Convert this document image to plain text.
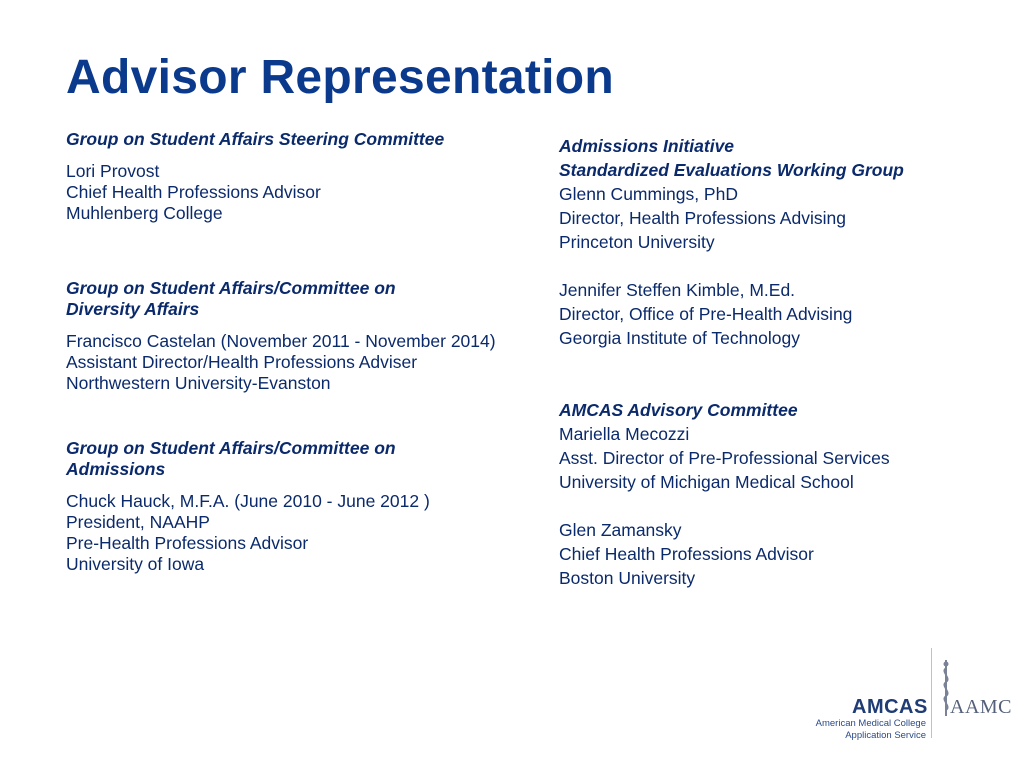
Advisor Representation
Group on Student Affairs Steering Committee
Lori Provost
Chief Health Professions Advisor
Muhlenberg College
Group on Student Affairs/Committee on Diversity Affairs
Francisco Castelan (November 2011 - November 2014)
Assistant Director/Health Professions Adviser
Northwestern University-Evanston
Group on Student Affairs/Committee on Admissions
Chuck Hauck, M.F.A. (June 2010 - June 2012 )
President, NAAHP
Pre-Health Professions Advisor
University of Iowa
Admissions Initiative
Standardized Evaluations Working Group
Glenn Cummings, PhD
Director, Health Professions Advising
Princeton University
Jennifer Steffen Kimble, M.Ed.
Director, Office of Pre-Health Advising
Georgia Institute of Technology
AMCAS Advisory Committee
Mariella Mecozzi
Asst. Director of Pre-Professional Services
University of Michigan Medical School
Glen Zamansky
Chief Health Professions Advisor
Boston University
AMCAS
American Medical College
Application Service
AAMC
